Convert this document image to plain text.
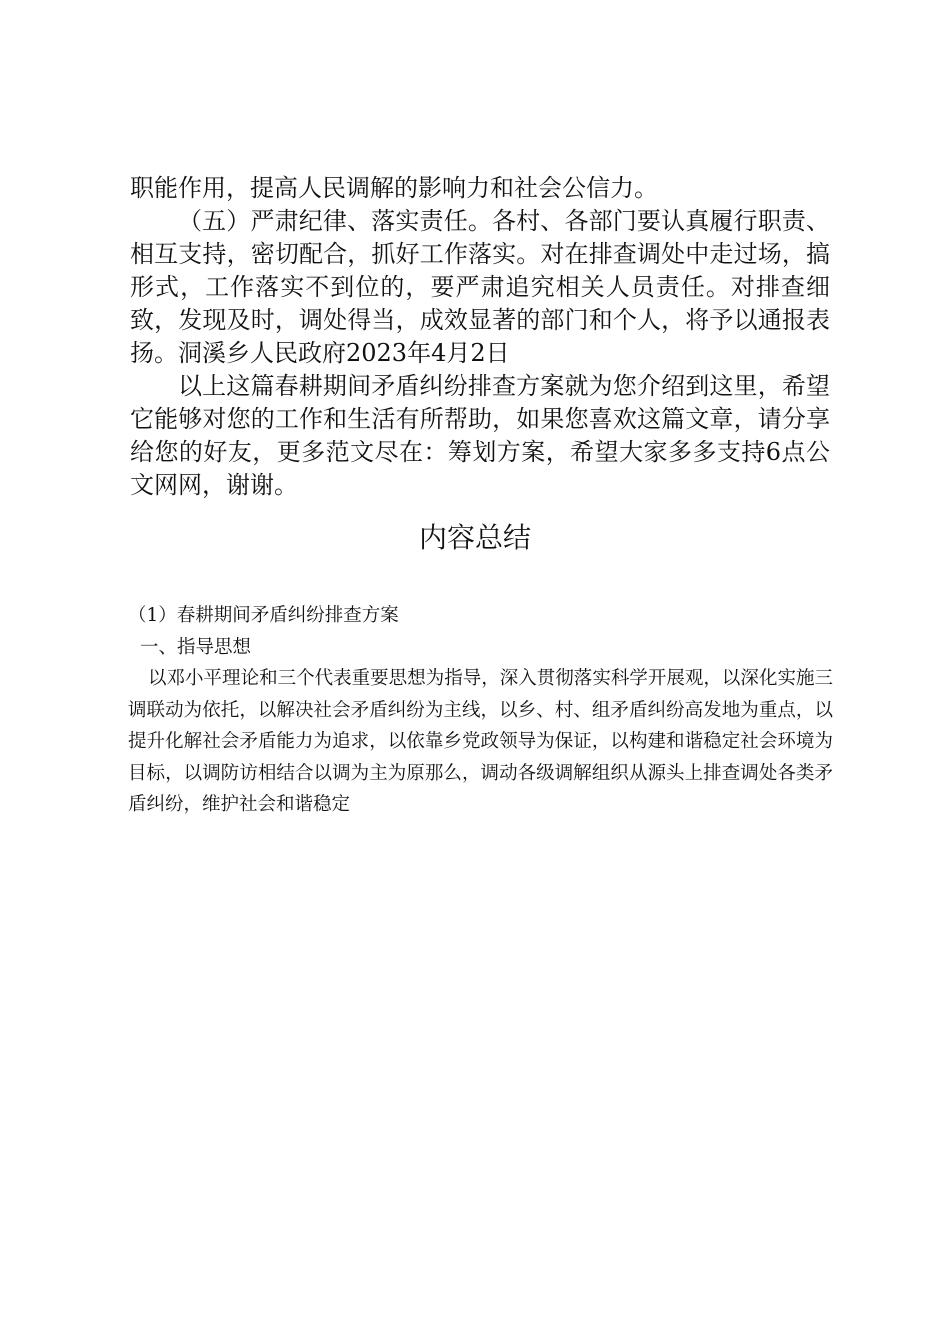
职能作用，提高人民调解的影响力和社会公信力。

（五）严肃纪律、落实责任。各村、各部门要认真履行职责、相互支持，密切配合，抓好工作落实。对在排查调处中走过场，搞形式，工作落实不到位的，要严肃追究相关人员责任。对排查细致，发现及时，调处得当，成效显著的部门和个人，将予以通报表扬。洞溪乡人民政府2023年4月2日

以上这篇春耕期间矛盾纠纷排查方案就为您介绍到这里，希望它能够对您的工作和生活有所帮助，如果您喜欢这篇文章，请分享给您的好友，更多范文尽在：筹划方案，希望大家多多支持6点公文网网，谢谢。

内容总结

（1）春耕期间矛盾纠纷排查方案

一、指导思想

以邓小平理论和三个代表重要思想为指导，深入贯彻落实科学开展观，以深化实施三调联动为依托，以解决社会矛盾纠纷为主线，以乡、村、组矛盾纠纷高发地为重点，以提升化解社会矛盾能力为追求，以依靠乡党政领导为保证，以构建和谐稳定社会环境为目标，以调防访相结合以调为主为原那么，调动各级调解组织从源头上排查调处各类矛盾纠纷，维护社会和谐稳定
